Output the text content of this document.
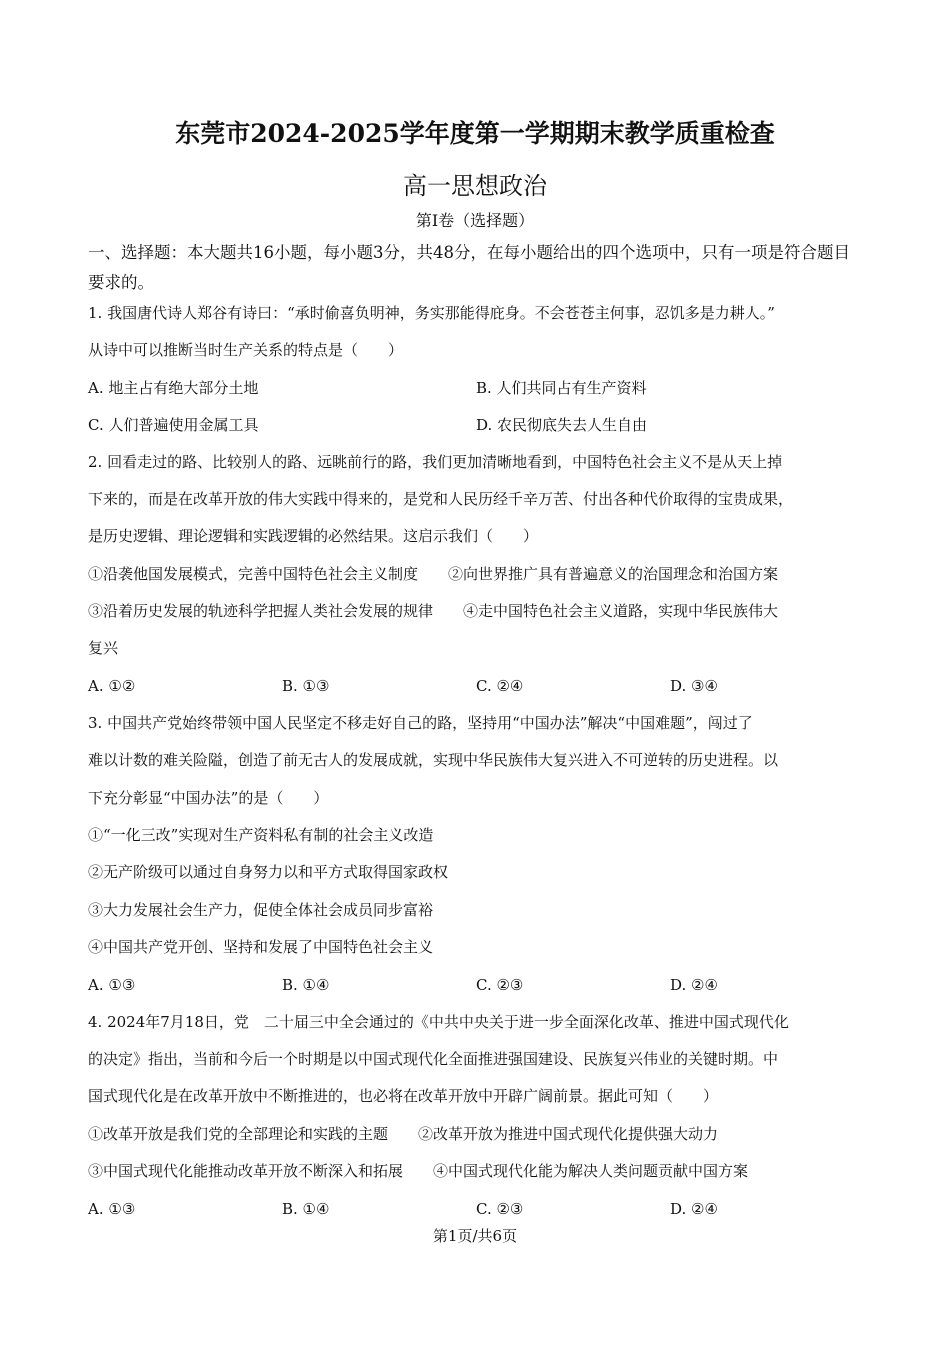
东莞市2024-2025学年度第一学期期末教学质重检查
高一思想政治
第Ⅰ卷（选择题）
一、选择题：本大题共16小题，每小题3分，共48分，在每小题给出的四个选项中，只有一项是符合题目要求的。
1. 我国唐代诗人郑谷有诗曰：“承时偷喜负明神，务实那能得庇身。不会苍苍主何事，忍饥多是力耕人。”
从诗中可以推断当时生产关系的特点是（　　）
A. 地主占有绝大部分土地	B. 人们共同占有生产资料
C. 人们普遍使用金属工具	D. 农民彻底失去人生自由
2. 回看走过的路、比较别人的路、远眺前行的路，我们更加清晰地看到，中国特色社会主义不是从天上掉
下来的，而是在改革开放的伟大实践中得来的，是党和人民历经千辛万苦、付出各种代价取得的宝贵成果，
是历史逻辑、理论逻辑和实践逻辑的必然结果。这启示我们（　　）
①沿袭他国发展模式，完善中国特色社会主义制度　　②向世界推广具有普遍意义的治国理念和治国方案
③沿着历史发展的轨迹科学把握人类社会发展的规律　　④走中国特色社会主义道路，实现中华民族伟大
复兴
A. ①②	B. ①③	C. ②④	D. ③④
3. 中国共产党始终带领中国人民坚定不移走好自己的路，坚持用“中国办法”解决“中国难题”，闯过了
难以计数的难关险隘，创造了前无古人的发展成就，实现中华民族伟大复兴进入不可逆转的历史进程。以
下充分彰显“中国办法”的是（　　）
①“一化三改”实现对生产资料私有制的社会主义改造
②无产阶级可以通过自身努力以和平方式取得国家政权
③大力发展社会生产力，促使全体社会成员同步富裕
④中国共产党开创、坚持和发展了中国特色社会主义
A. ①③	B. ①④	C. ②③	D. ②④
4. 2024年7月18日，党　二十届三中全会通过的《中共中央关于进一步全面深化改革、推进中国式现代化
的决定》指出，当前和今后一个时期是以中国式现代化全面推进强国建设、民族复兴伟业的关键时期。中
国式现代化是在改革开放中不断推进的，也必将在改革开放中开辟广阔前景。据此可知（　　）
①改革开放是我们党的全部理论和实践的主题　　②改革开放为推进中国式现代化提供强大动力
③中国式现代化能推动改革开放不断深入和拓展　　④中国式现代化能为解决人类问题贡献中国方案
A. ①③	B. ①④	C. ②③	D. ②④
第1页/共6页
